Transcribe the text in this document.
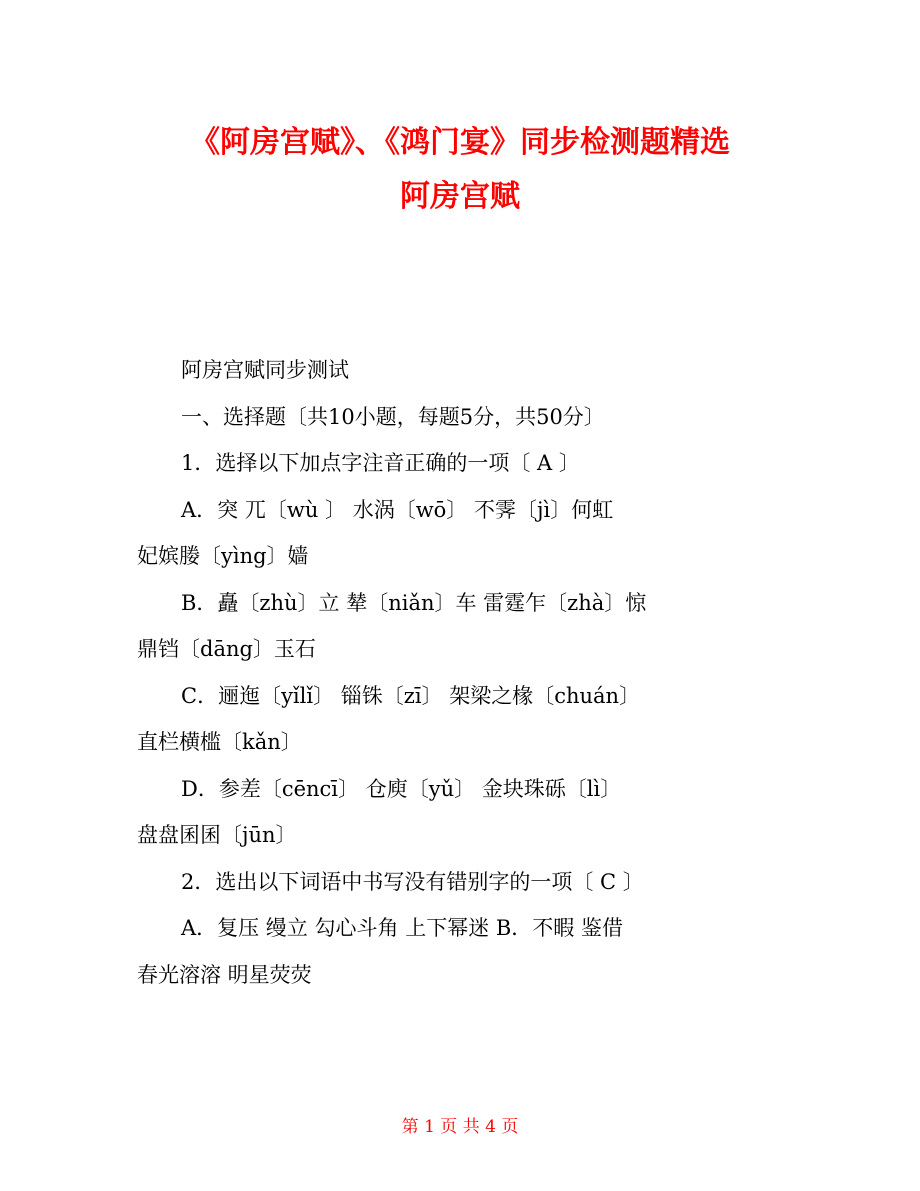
《阿房宫赋》、《鸿门宴》同步检测题精选
阿房宫赋
阿房宫赋同步测试
一、选择题〔共10小题，每题5分，共50分〕
1．选择以下加点字注音正确的一项〔 A 〕
A．突 兀〔wù 〕 水涡〔wō〕 不霁〔jì〕何虹
妃嫔媵〔yìng〕嫱
B．矗〔zhù〕立 辇〔niǎn〕车 雷霆乍〔zhà〕惊
鼎铛〔dāng〕玉石
C．逦迤〔yǐlǐ〕 锱铢〔zī〕 架梁之椽〔chuán〕
直栏横槛〔kǎn〕
D．参差〔cēncī〕 仓庾〔yǔ〕 金块珠砾〔lì〕
盘盘囷囷〔jūn〕
2．选出以下词语中书写没有错别字的一项〔 C 〕
A．复压 缦立 勾心斗角 上下幂迷 B．不暇 鉴借
春光溶溶 明星荧荧
第 1 页 共 4 页
